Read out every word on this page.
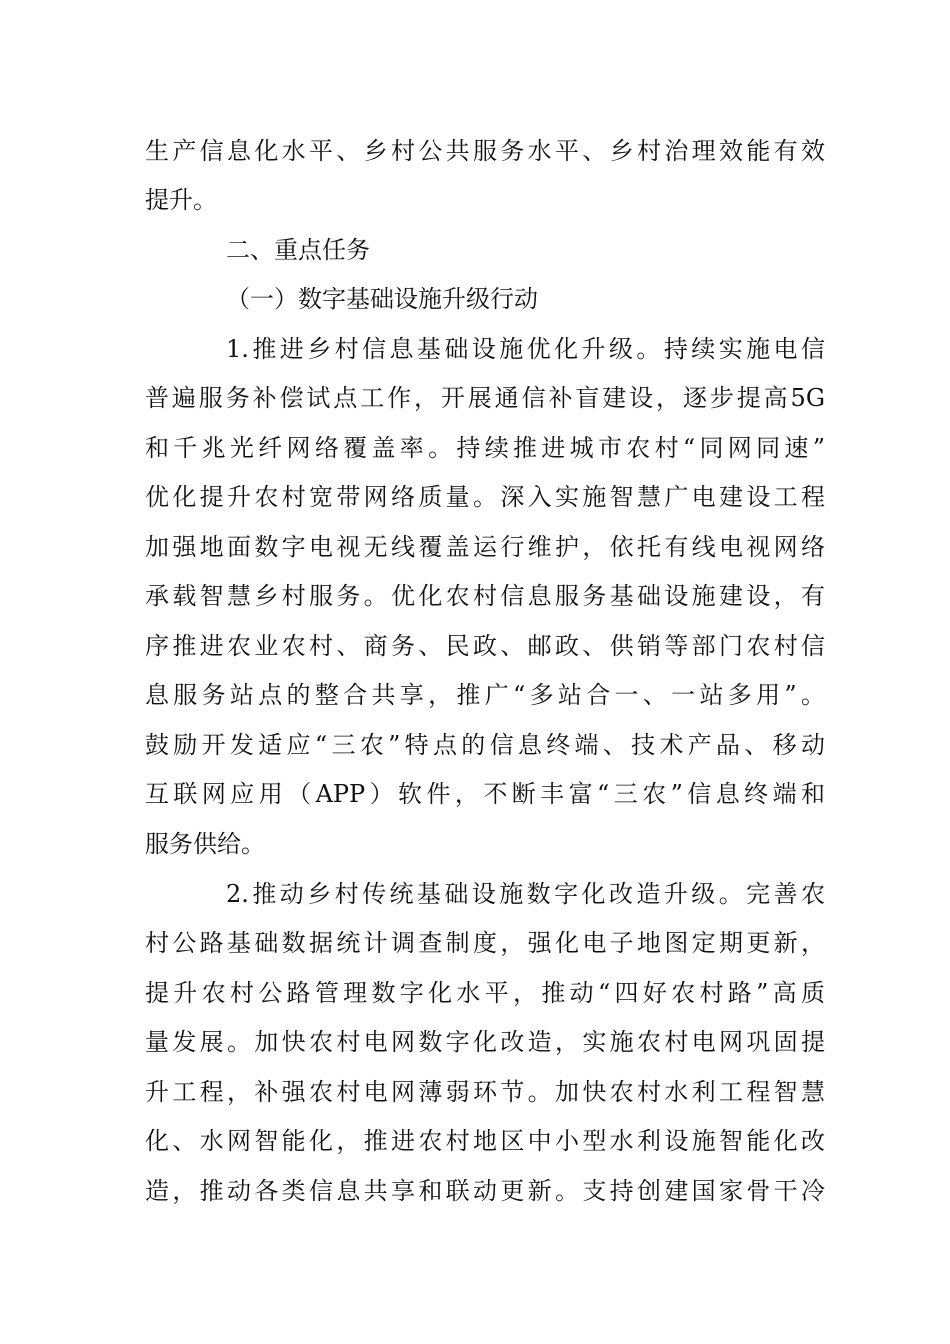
生产信息化水平、乡村公共服务水平、乡村治理效能有效

提升。

二、重点任务

（一）数字基础设施升级行动

1.推进乡村信息基础设施优化升级。持续实施电信

普遍服务补偿试点工作，开展通信补盲建设，逐步提高5G

和千兆光纤网络覆盖率。持续推进城市农村“同网同速”

优化提升农村宽带网络质量。深入实施智慧广电建设工程

加强地面数字电视无线覆盖运行维护，依托有线电视网络

承载智慧乡村服务。优化农村信息服务基础设施建设，有

序推进农业农村、商务、民政、邮政、供销等部门农村信

息服务站点的整合共享，推广“多站合一、一站多用”。

鼓励开发适应“三农”特点的信息终端、技术产品、移动

互联网应用（APP）软件，不断丰富“三农”信息终端和

服务供给。

2.推动乡村传统基础设施数字化改造升级。完善农

村公路基础数据统计调查制度，强化电子地图定期更新，

提升农村公路管理数字化水平，推动“四好农村路”高质

量发展。加快农村电网数字化改造，实施农村电网巩固提

升工程，补强农村电网薄弱环节。加快农村水利工程智慧

化、水网智能化，推进农村地区中小型水利设施智能化改

造，推动各类信息共享和联动更新。支持创建国家骨干冷
